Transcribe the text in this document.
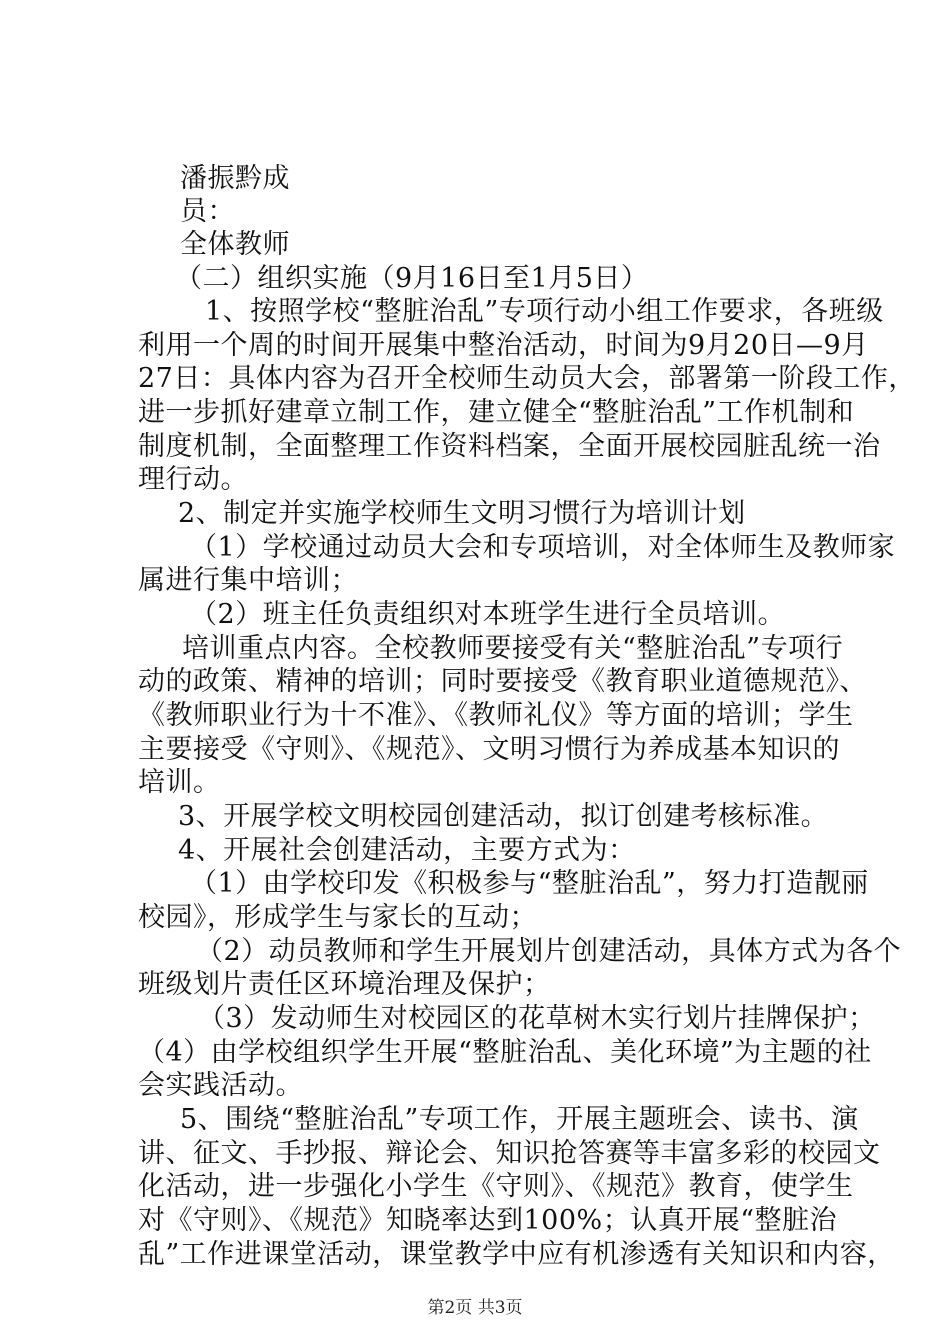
潘振黔成
员：
全体教师
（二）组织实施（9月16日至1月5日）
1、按照学校“整脏治乱”专项行动小组工作要求，各班级
利用一个周的时间开展集中整治活动，时间为9月20日—9月
27日：具体内容为召开全校师生动员大会，部署第一阶段工作，
进一步抓好建章立制工作，建立健全“整脏治乱”工作机制和
制度机制，全面整理工作资料档案，全面开展校园脏乱统一治
理行动。
2、制定并实施学校师生文明习惯行为培训计划
（1）学校通过动员大会和专项培训，对全体师生及教师家
属进行集中培训；
（2）班主任负责组织对本班学生进行全员培训。
培训重点内容。全校教师要接受有关“整脏治乱”专项行
动的政策、精神的培训；同时要接受《教育职业道德规范》、
《教师职业行为十不准》、《教师礼仪》等方面的培训；学生
主要接受《守则》、《规范》、文明习惯行为养成基本知识的
培训。
3、开展学校文明校园创建活动，拟订创建考核标准。
4、开展社会创建活动，主要方式为：
（1）由学校印发《积极参与“整脏治乱”，努力打造靓丽
校园》，形成学生与家长的互动；
（2）动员教师和学生开展划片创建活动，具体方式为各个
班级划片责任区环境治理及保护；
（3）发动师生对校园区的花草树木实行划片挂牌保护；
（4）由学校组织学生开展“整脏治乱、美化环境”为主题的社
会实践活动。
5、围绕“整脏治乱”专项工作，开展主题班会、读书、演
讲、征文、手抄报、辩论会、知识抢答赛等丰富多彩的校园文
化活动，进一步强化小学生《守则》、《规范》教育，使学生
对《守则》、《规范》知晓率达到100%；认真开展“整脏治
乱”工作进课堂活动，课堂教学中应有机渗透有关知识和内容，
第2页 共3页
